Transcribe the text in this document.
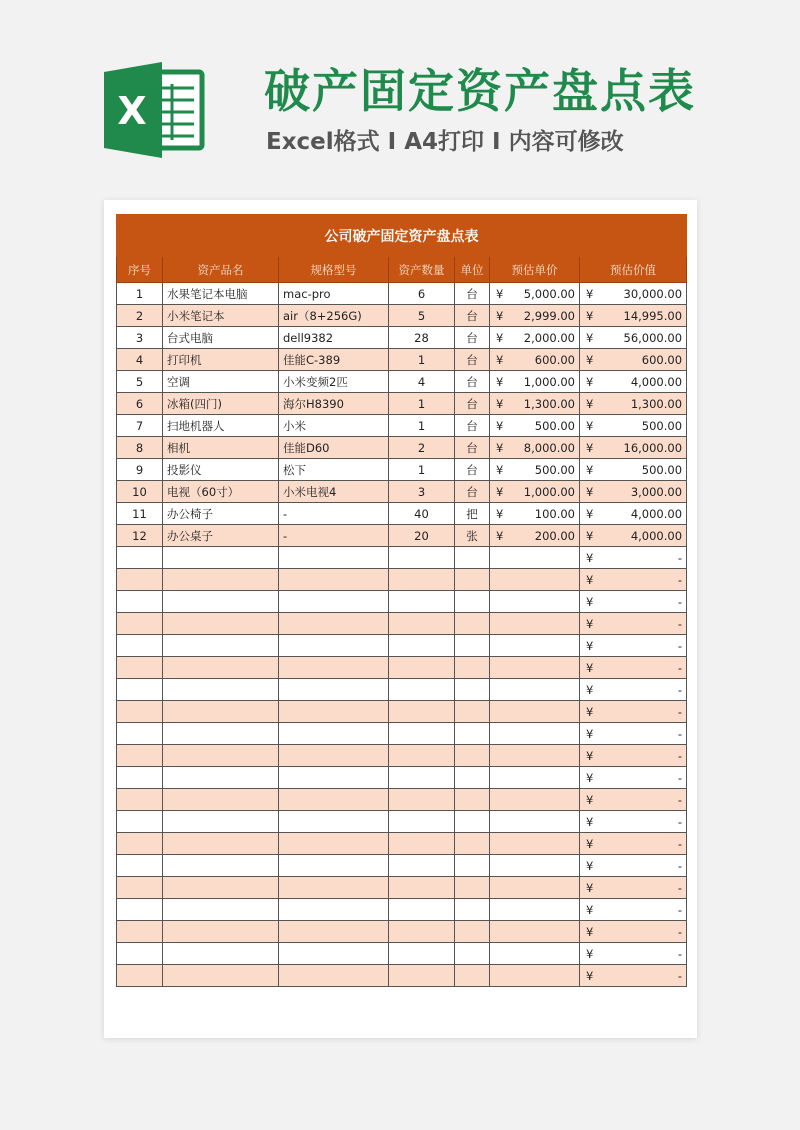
X	破产固定资产盘点表
Excel格式 I A4打印 I 内容可修改
公司破产固定资产盘点表						
序号	资产品名	规格型号	资产数量	单位	预估单价	预估价值
1	水果笔记本电脑	mac-pro	6	台	¥ 5,000.00	¥ 30,000.00

2	小米笔记本	air（8+256G)	5	台	¥ 2,999.00	¥ 14,995.00

3	台式电脑	dell9382	28	台	¥ 2,000.00	¥ 56,000.00

4	打印机	佳能C-389	1	台	¥ 600.00	¥ 600.00

5	空调	小米变频2匹	4	台	¥ 1,000.00	¥ 4,000.00

6	冰箱(四门)	海尔H8390	1	台	¥ 1,300.00	¥ 1,300.00

7	扫地机器人	小米	1	台	¥ 500.00	¥ 500.00

8	相机	佳能D60	2	台	¥ 8,000.00	¥ 16,000.00

9	投影仪	松下	1	台	¥ 500.00	¥ 500.00

10	电视（60寸）	小米电视4	3	台	¥ 1,000.00	¥ 3,000.00

11	办公椅子	-	40	把	¥ 100.00	¥ 4,000.00

12	办公桌子	-	20	张	¥ 200.00	¥ 4,000.00

						¥ -

						¥ -

						¥ -

						¥ -

						¥ -

						¥ -

						¥ -

						¥ -

						¥ -

						¥ -

						¥ -

						¥ -

						¥ -

						¥ -

						¥ -

						¥ -

						¥ -

						¥ -

						¥ -

						¥ -
